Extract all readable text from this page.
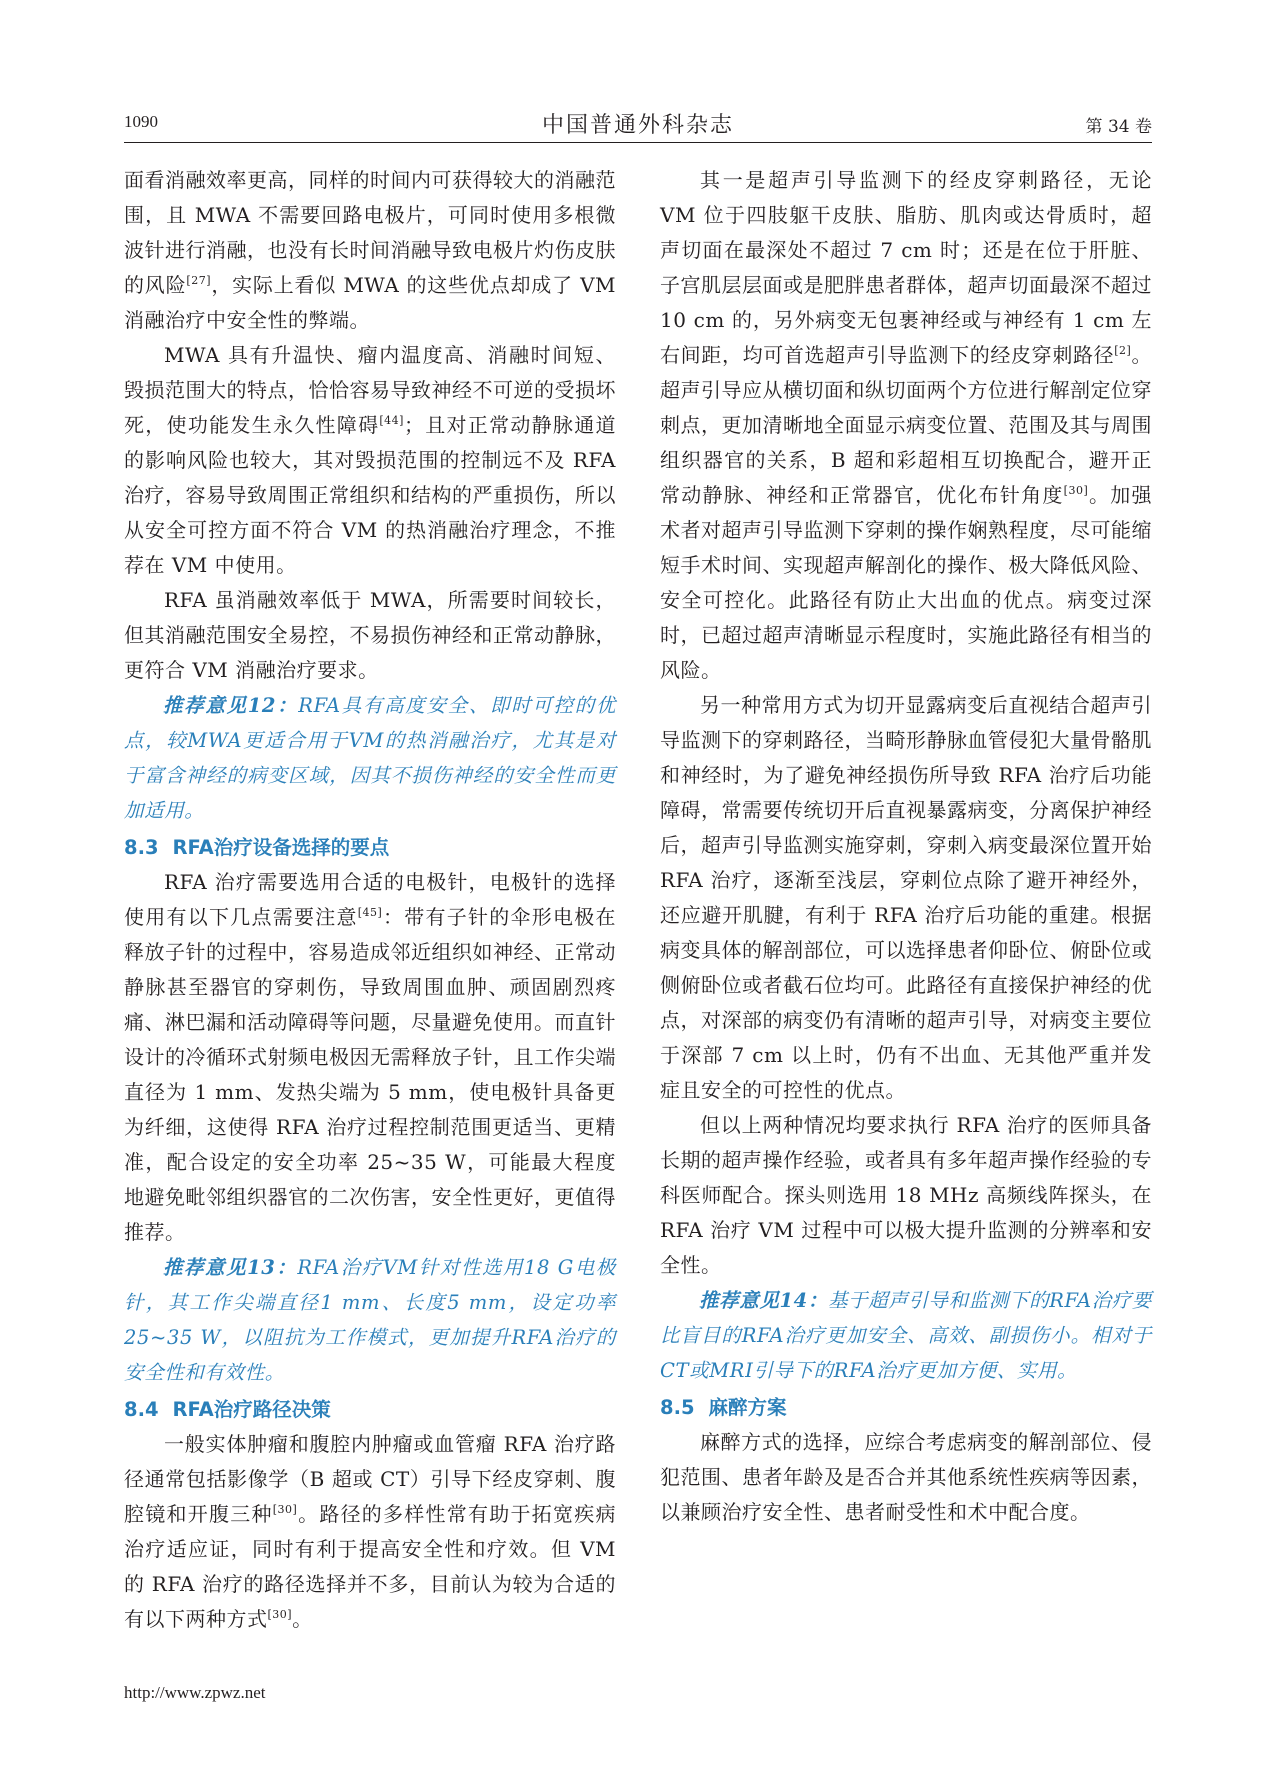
1090	中国普通外科杂志	第 34 卷

面看消融效率更高，同样的时间内可获得较大的消融范围，且 MWA 不需要回路电极片，可同时使用多根微波针进行消融，也没有长时间消融导致电极片灼伤皮肤的风险[27]，实际上看似 MWA 的这些优点却成了 VM 消融治疗中安全性的弊端。

MWA 具有升温快、瘤内温度高、消融时间短、毁损范围大的特点，恰恰容易导致神经不可逆的受损坏死，使功能发生永久性障碍[44]；且对正常动静脉通道的影响风险也较大，其对毁损范围的控制远不及 RFA 治疗，容易导致周围正常组织和结构的严重损伤，所以从安全可控方面不符合 VM 的热消融治疗理念，不推荐在 VM 中使用。

RFA 虽消融效率低于 MWA，所需要时间较长，但其消融范围安全易控，不易损伤神经和正常动静脉，更符合 VM 消融治疗要求。

推荐意见12：RFA具有高度安全、即时可控的优点，较MWA更适合用于VM的热消融治疗，尤其是对于富含神经的病变区域，因其不损伤神经的安全性而更加适用。

8.3 RFA治疗设备选择的要点

RFA 治疗需要选用合适的电极针，电极针的选择使用有以下几点需要注意[45]：带有子针的伞形电极在释放子针的过程中，容易造成邻近组织如神经、正常动静脉甚至器官的穿刺伤，导致周围血肿、顽固剧烈疼痛、淋巴漏和活动障碍等问题，尽量避免使用。而直针设计的冷循环式射频电极因无需释放子针，且工作尖端直径为 1 mm、发热尖端为 5 mm，使电极针具备更为纤细，这使得 RFA 治疗过程控制范围更适当、更精准，配合设定的安全功率 25~35 W，可能最大程度地避免毗邻组织器官的二次伤害，安全性更好，更值得推荐。

推荐意见13：RFA治疗VM针对性选用18 G电极针，其工作尖端直径1 mm、长度5 mm，设定功率25~35 W，以阻抗为工作模式，更加提升RFA治疗的安全性和有效性。

8.4 RFA治疗路径决策

一般实体肿瘤和腹腔内肿瘤或血管瘤 RFA 治疗路径通常包括影像学（B 超或 CT）引导下经皮穿刺、腹腔镜和开腹三种[30]。路径的多样性常有助于拓宽疾病治疗适应证，同时有利于提高安全性和疗效。但 VM 的 RFA 治疗的路径选择并不多，目前认为较为合适的有以下两种方式[30]。

其一是超声引导监测下的经皮穿刺路径，无论 VM 位于四肢躯干皮肤、脂肪、肌肉或达骨质时，超声切面在最深处不超过 7 cm 时；还是在位于肝脏、子宫肌层层面或是肥胖患者群体，超声切面最深不超过 10 cm 的，另外病变无包裹神经或与神经有 1 cm 左右间距，均可首选超声引导监测下的经皮穿刺路径[2]。超声引导应从横切面和纵切面两个方位进行解剖定位穿刺点，更加清晰地全面显示病变位置、范围及其与周围组织器官的关系，B 超和彩超相互切换配合，避开正常动静脉、神经和正常器官，优化布针角度[30]。加强术者对超声引导监测下穿刺的操作娴熟程度，尽可能缩短手术时间、实现超声解剖化的操作、极大降低风险、安全可控化。此路径有防止大出血的优点。病变过深时，已超过超声清晰显示程度时，实施此路径有相当的风险。

另一种常用方式为切开显露病变后直视结合超声引导监测下的穿刺路径，当畸形静脉血管侵犯大量骨骼肌和神经时，为了避免神经损伤所导致 RFA 治疗后功能障碍，常需要传统切开后直视暴露病变，分离保护神经后，超声引导监测实施穿刺，穿刺入病变最深位置开始 RFA 治疗，逐渐至浅层，穿刺位点除了避开神经外，还应避开肌腱，有利于 RFA 治疗后功能的重建。根据病变具体的解剖部位，可以选择患者仰卧位、俯卧位或侧俯卧位或者截石位均可。此路径有直接保护神经的优点，对深部的病变仍有清晰的超声引导，对病变主要位于深部 7 cm 以上时，仍有不出血、无其他严重并发症且安全的可控性的优点。

但以上两种情况均要求执行 RFA 治疗的医师具备长期的超声操作经验，或者具有多年超声操作经验的专科医师配合。探头则选用 18 MHz 高频线阵探头，在 RFA 治疗 VM 过程中可以极大提升监测的分辨率和安全性。

推荐意见14：基于超声引导和监测下的RFA治疗要比盲目的RFA治疗更加安全、高效、副损伤小。相对于CT或MRI引导下的RFA治疗更加方便、实用。

8.5 麻醉方案

麻醉方式的选择，应综合考虑病变的解剖部位、侵犯范围、患者年龄及是否合并其他系统性疾病等因素，以兼顾治疗安全性、患者耐受性和术中配合度。

http://www.zpwz.net
